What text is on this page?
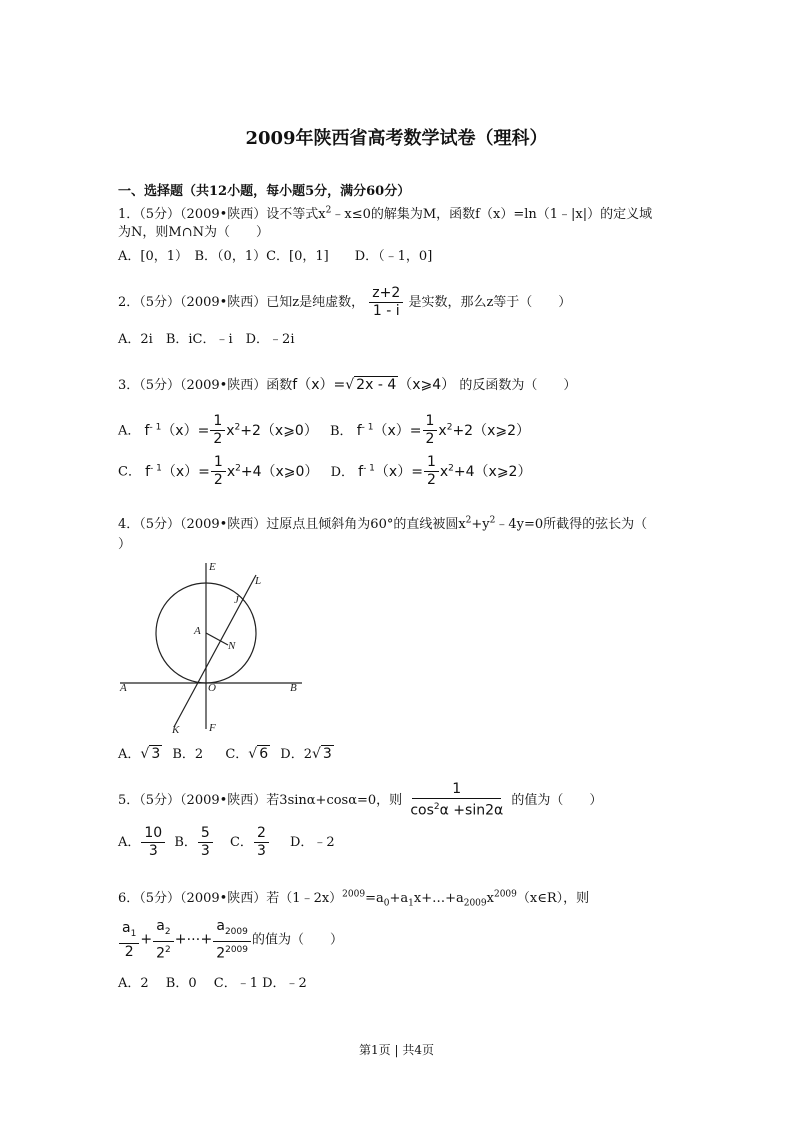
2009年陕西省高考数学试卷（理科）
一、选择题（共12小题，每小题5分，满分60分）
1．（5分）（2009•陕西）设不等式$x^2﹣x\le 0$的解集为M，函数f（x）=ln（1﹣|x|）的定义域
为N，则M∩N为（　　）
A．[0，1）　B．（0，1）C．[0，1]　　D．（﹣1，0]
2．（5分）（2009•陕西）已知z是纯虚数， $\frac{z+2}{1 - i}$ 是实数，那么z等于（　　）
A．2i　B．iC．﹣i　D．﹣2i
3．（5分）（2009•陕西）函数f（x）=√ 2x - 4 （x⩾4） 的反函数为（　　）
A． $f^{- 1}(x)= \frac{1}{2}$ $x^2+2(x⩾0)$ B． $f^{- 1}(x)= \frac{1}{2}$ $x^2+2(x⩾2)$
C． $f^{- 1}(x)= \frac{1}{2}$ $x^2+4(x⩾0)$ D． $f^{- 1}(x)= \frac{1}{2}$ $x^2+4(x⩾2)$
4．（5分）（2009•陕西）过原点且倾斜角为60°的直线被圆$x^2+y^2﹣4y=0$所截得的弦长为（
）
E
L
J
A
N
A	O	B
K	F
A．√ 3 B．2 C．√ 6 D．2√ 3
5．（5分）（2009•陕西）若3sinα+cosα=0，则 $\frac{1}{\cos^2\alpha +\sin 2\alpha}$ 的值为（　　）
A． $\frac{10}{3}$ B． $\frac{5}{3}$ C． $\frac{2}{3}$ D．﹣2
6．（5分）（2009•陕西）若$(1﹣2x)^{2009}=a_0+a_1x+\dots+a_{2009}x^{2009}(x\in R)$，则
$\frac{a_1}{2} + \frac{a_2}{2^2}$ +⋯+ $\frac{a_{2009}}{2^{2009}}$ 的值为（　　）
A．2　 B．0　 C．﹣1 D．﹣2
第1页 | 共4页
